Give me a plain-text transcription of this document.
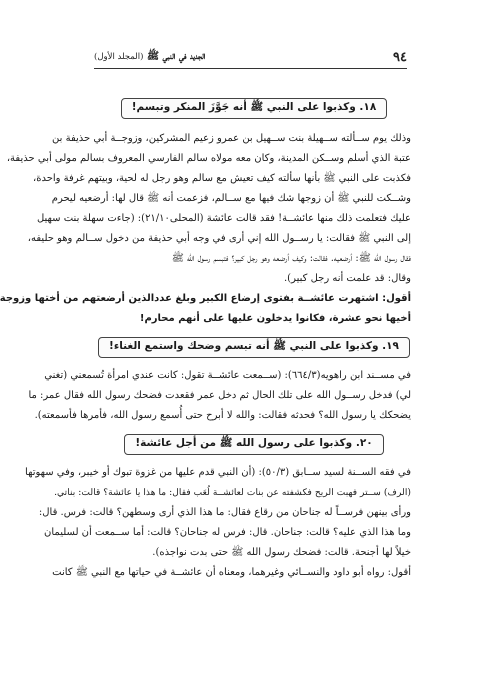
٩٤
الجديد في النبي ﷺ (المجلد الأول)
١٨. وكذبوا على النبي ﷺ أنه جَوَّزَ المنكر وتبسم!
وذلك يوم ســألته ســهيلة بنت ســهيل بن عمرو زعيم المشركين، وزوجــة أبي حذيفة بن
عتبة الذي أسلم وســكن المدينة، وكان معه مولاه سالم الفارسي المعروف بسالم مولى أبي حذيفة،
فكذبت على النبي ﷺ بأنها سألته كيف تعيش مع سالم وهو رجل له لحية، وبيتهم غرفة واحدة،
وشــكت للنبي ﷺ أن زوجها شك فيها مع ســالم، فزعمت أنه ﷺ قال لها: أرضعيه ليحرم
عليك فتعلمت ذلك منها عائشــة! فقد قالت عائشة (المحلى٢١/١٠): (جاءت سهلة بنت سهيل
إلى النبي ﷺ فقالت: يا رســول الله إني أرى في وجه أبي حذيفة من دخول ســالم وهو حليفه،
فقال رسول الله ﷺ: أرضعيه. فقالت: وكيف أرضعه وهو رجل كبير؟ فتبسم رسول الله ﷺ
وقال: قد علمت أنه رجل كبير).
أقول: اشتهرت عائشــة بفتوى إرضاع الكبير وبلغ عددالذين أرضعتهم من أختها وزوجة
أخيها نحو عشرة، فكانوا يدخلون عليها على أنهم محارم!
١٩. وكذبوا على النبي ﷺ أنه تبسم وضحك واستمع الغناء!
في مســند ابن راهويه(٦٦٤/٣): (ســمعت عائشــة تقول: كانت عندي امرأة تُسمعني (تغني
لي) فدخل رســول الله على تلك الحال ثم دخل عمر فقعدت فضحك رسول الله فقال عمر: ما
يضحكك يا رسول الله؟ فحدثه فقالت: والله لا أبرح حتى أُسمع رسول الله، فأمرها فأسمعته).
٢٠. وكذبوا على رسول الله ﷺ من أجل عائشة!
في فقه الســنة لسيد ســابق (٥٠/٣): (أن النبي قدم عليها من غزوة تبوك أو خيبر، وفي سهوتها
(الرف) ســتر فهبت الريح فكشفته عن بنات لعائشــة لُعَب فقال: ما هذا يا عائشة؟ قالت: بناتي.
ورأى بينهن فرســاً له جناحان من رقاع فقال: ما هذا الذي أرى وسطهن؟ قالت: فرس. قال:
وما هذا الذي عليه؟ قالت: جناحان. قال: فرس له جناحان؟ قالت: أما ســمعت أن لسليمان
خيلاً لها أجنحة. قالت: فضحك رسول الله ﷺ حتى بدت نواجذه).
أقول: رواه أبو داود والنســائي وغيرهما، ومعناه أن عائشــة في حياتها مع النبي ﷺ كانت
